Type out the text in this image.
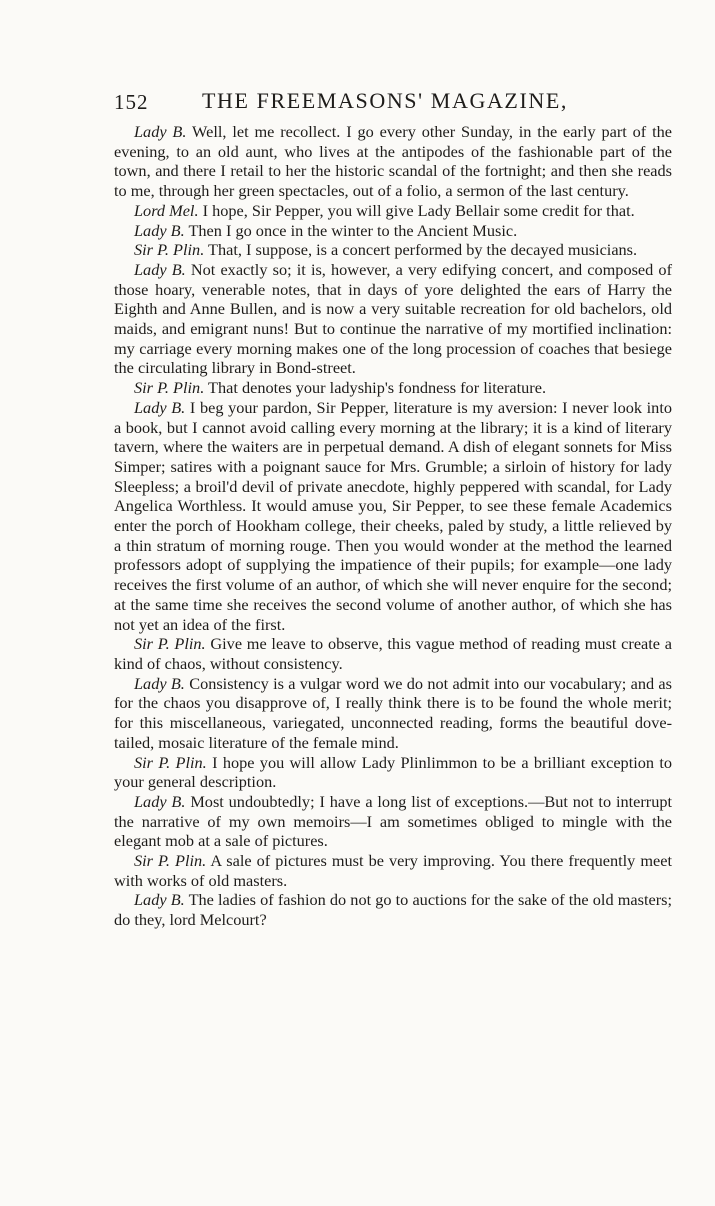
152 THE FREEMASONS' MAGAZINE,

Lady B. Well, let me recollect. I go every other Sunday, in the early part of the evening, to an old aunt, who lives at the antipodes of the fashionable part of the town, and there I retail to her the historic scandal of the fortnight; and then she reads to me, through her green spectacles, out of a folio, a sermon of the last century.

Lord Mel. I hope, Sir Pepper, you will give Lady Bellair some credit for that.

Lady B. Then I go once in the winter to the Ancient Music.

Sir P. Plin. That, I suppose, is a concert performed by the decayed musicians.

Lady B. Not exactly so; it is, however, a very edifying concert, and composed of those hoary, venerable notes, that in days of yore delighted the ears of Harry the Eighth and Anne Bullen, and is now a very suitable recreation for old bachelors, old maids, and emigrant nuns! But to continue the narrative of my mortified inclination: my carriage every morning makes one of the long procession of coaches that besiege the circulating library in Bond-street.

Sir P. Plin. That denotes your ladyship's fondness for literature.

Lady B. I beg your pardon, Sir Pepper, literature is my aversion: I never look into a book, but I cannot avoid calling every morning at the library; it is a kind of literary tavern, where the waiters are in perpetual demand. A dish of elegant sonnets for Miss Simper; satires with a poignant sauce for Mrs. Grumble; a sirloin of history for lady Sleepless; a broil'd devil of private anecdote, highly peppered with scandal, for Lady Angelica Worthless. It would amuse you, Sir Pepper, to see these female Academics enter the porch of Hookham college, their cheeks, paled by study, a little relieved by a thin stratum of morning rouge. Then you would wonder at the method the learned professors adopt of supplying the impatience of their pupils; for example—one lady receives the first volume of an author, of which she will never enquire for the second; at the same time she receives the second volume of another author, of which she has not yet an idea of the first.

Sir P. Plin. Give me leave to observe, this vague method of reading must create a kind of chaos, without consistency.

Lady B. Consistency is a vulgar word we do not admit into our vocabulary; and as for the chaos you disapprove of, I really think there is to be found the whole merit; for this miscellaneous, variegated, unconnected reading, forms the beautiful dove-tailed, mosaic literature of the female mind.

Sir P. Plin. I hope you will allow Lady Plinlimmon to be a brilliant exception to your general description.

Lady B. Most undoubtedly; I have a long list of exceptions.—But not to interrupt the narrative of my own memoirs—I am sometimes obliged to mingle with the elegant mob at a sale of pictures.

Sir P. Plin. A sale of pictures must be very improving. You there frequently meet with works of old masters.

Lady B. The ladies of fashion do not go to auctions for the sake of the old masters; do they, lord Melcourt?
